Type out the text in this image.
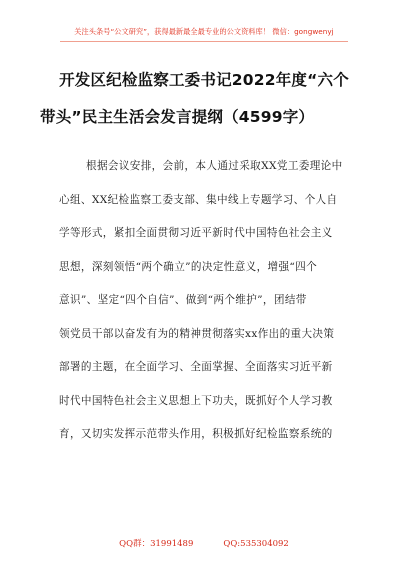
关注头条号“公文研究”，获得最新最全最专业的公文资料库！ 微信：gongwenyj
开发区纪检监察工委书记2022年度“六个
带头”民主生活会发言提纲（4599字）
根据会议安排，会前，本人通过采取XX党工委理论中
心组、XX纪检监察工委支部、集中线上专题学习、个人自
学等形式，紧扣全面贯彻习近平新时代中国特色社会主义
思想，深刻领悟“两个确立”的决定性意义，增强“四个
意识”、坚定“四个自信”、做到“两个维护”，团结带
领党员干部以奋发有为的精神贯彻落实xx作出的重大决策
部署的主题，在全面学习、全面掌握、全面落实习近平新
时代中国特色社会主义思想上下功夫，既抓好个人学习教
育，又切实发挥示范带头作用，积极抓好纪检监察系统的
QQ群：31991489	QQ:535304092
